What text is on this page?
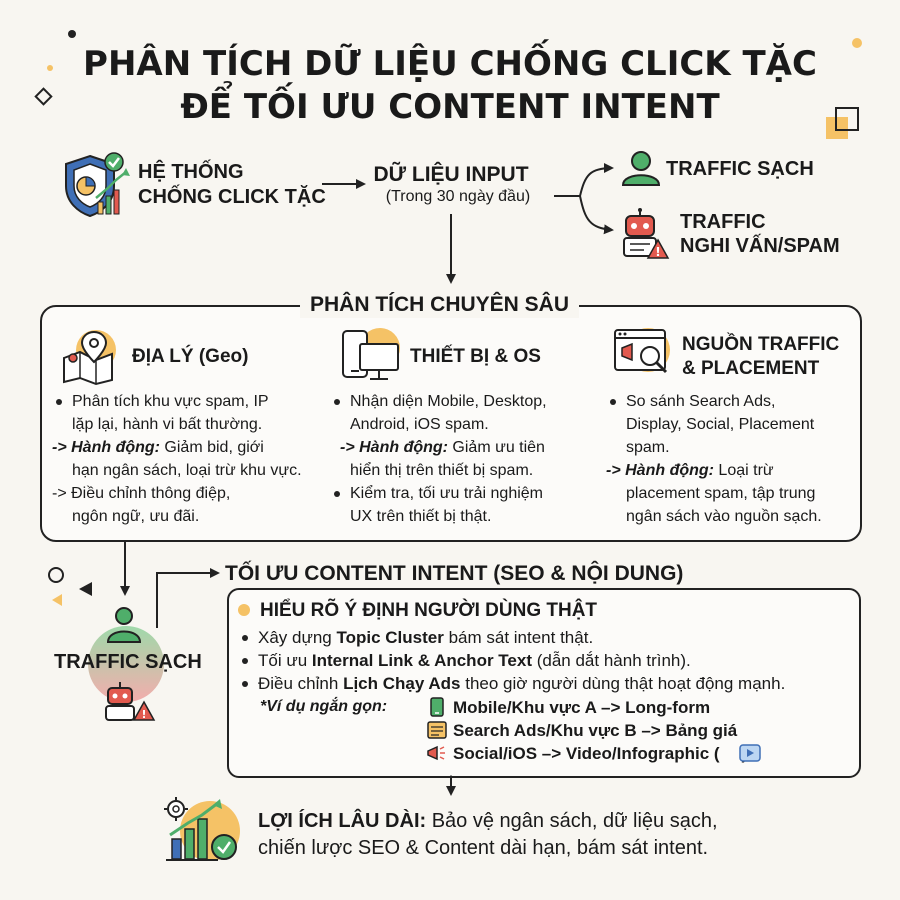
PHÂN TÍCH DỮ LIỆU CHỐNG CLICK TẶC
ĐỂ TỐI ƯU CONTENT INTENT
HỆ THỐNG
CHỐNG CLICK TẶC
DỮ LIỆU INPUT
(Trong 30 ngày đầu)
TRAFFIC SẠCH
!
TRAFFIC
NGHI VẤN/SPAM
PHÂN TÍCH CHUYÊN SÂU
ĐỊA LÝ (Geo)
Phân tích khu vực spam, IP
lặp lại, hành vi bất thường.
-> Hành động: Giảm bid, giới
hạn ngân sách, loại trừ khu vực.
-> Điều chỉnh thông điệp,
ngôn ngữ, ưu đãi.
THIẾT BỊ & OS
Nhận diện Mobile, Desktop,
Android, iOS spam.
-> Hành động: Giảm ưu tiên
hiển thị trên thiết bị spam.
Kiểm tra, tối ưu trải nghiệm
UX trên thiết bị thật.
NGUỒN TRAFFIC
& PLACEMENT
So sánh Search Ads,
Display, Social, Placement
spam.
-> Hành động: Loại trừ
placement spam, tập trung
ngân sách vào nguồn sạch.
!
TRAFFIC SẠCH
TỐI ƯU CONTENT INTENT (SEO & NỘI DUNG)
HIỂU RÕ Ý ĐỊNH NGƯỜI DÙNG THẬT
Xây dựng Topic Cluster bám sát intent thật.
Tối ưu Internal Link & Anchor Text (dẫn dắt hành trình).
Điều chỉnh Lịch Chạy Ads theo giờ người dùng thật hoạt động mạnh.
*Ví dụ ngắn gọn:	Mobile/Khu vực A –> Long-form
Search Ads/Khu vực B –> Bảng giá
Social/iOS –> Video/Infographic (
LỢI ÍCH LÂU DÀI: Bảo vệ ngân sách, dữ liệu sạch,
chiến lược SEO & Content dài hạn, bám sát intent.
